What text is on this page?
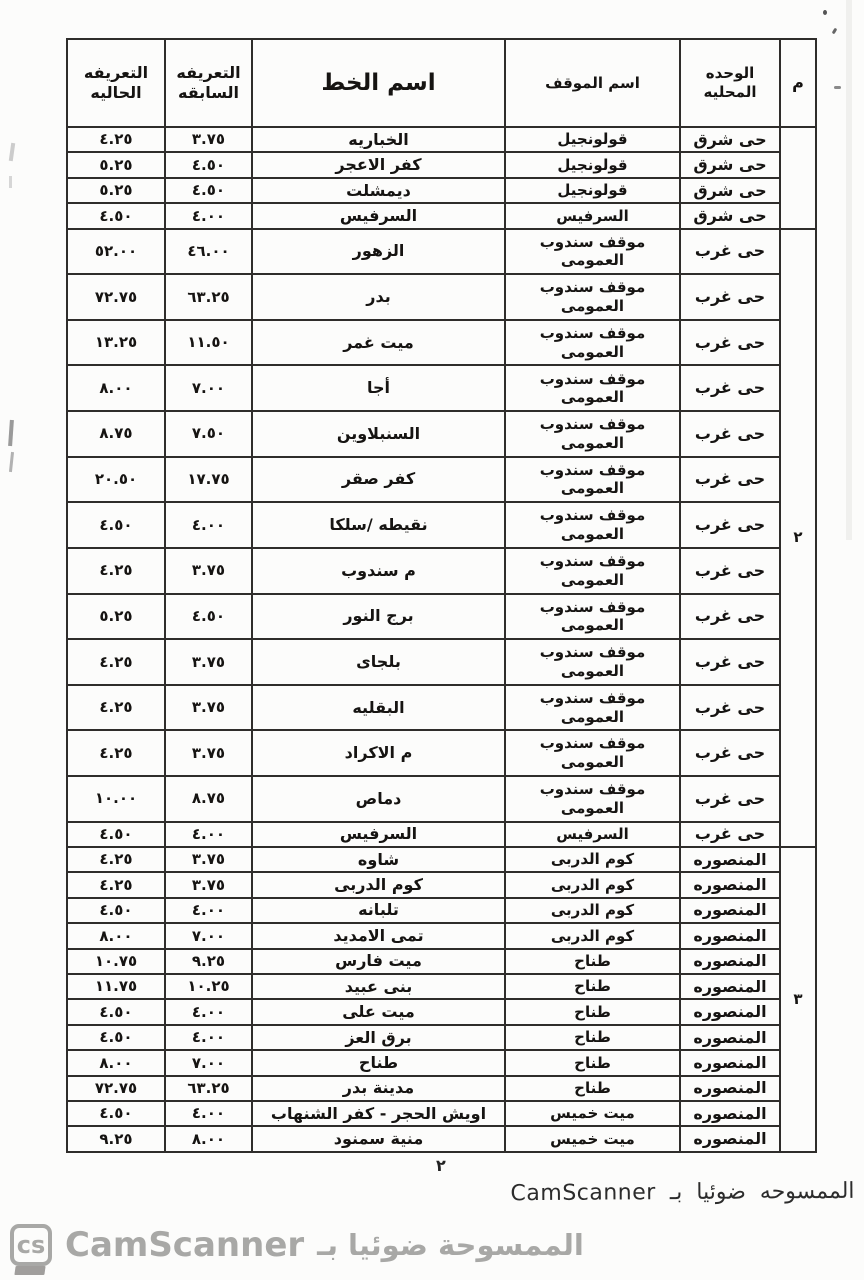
م	الوحده المحليه	اسم الموقف	اسم الخط	التعريفه السابقه	التعريفه الحاليه
	حى شرق	قولونجيل	الخباريه	٣.٧٥	٤.٢٥
	حى شرق	قولونجيل	كفر الاعجر	٤.٥٠	٥.٢٥
	حى شرق	قولونجيل	ديمشلت	٤.٥٠	٥.٢٥
	حى شرق	السرفيس	السرفيس	٤.٠٠	٤.٥٠
٢	حى غرب	موقف سندوب العمومى	الزهور	٤٦.٠٠	٥٢.٠٠
	حى غرب	موقف سندوب العمومى	بدر	٦٣.٢٥	٧٢.٧٥
	حى غرب	موقف سندوب العمومى	ميت غمر	١١.٥٠	١٣.٢٥
	حى غرب	موقف سندوب العمومى	أجا	٧.٠٠	٨.٠٠
	حى غرب	موقف سندوب العمومى	السنبلاوين	٧.٥٠	٨.٧٥
	حى غرب	موقف سندوب العمومى	كفر صقر	١٧.٧٥	٢٠.٥٠
	حى غرب	موقف سندوب العمومى	نقيطه /سلكا	٤.٠٠	٤.٥٠
	حى غرب	موقف سندوب العمومى	م سندوب	٣.٧٥	٤.٢٥
	حى غرب	موقف سندوب العمومى	برج النور	٤.٥٠	٥.٢٥
	حى غرب	موقف سندوب العمومى	بلجاى	٣.٧٥	٤.٢٥
	حى غرب	موقف سندوب العمومى	البقليه	٣.٧٥	٤.٢٥
	حى غرب	موقف سندوب العمومى	م الاكراد	٣.٧٥	٤.٢٥
	حى غرب	موقف سندوب العمومى	دماص	٨.٧٥	١٠.٠٠
	حى غرب	السرفيس	السرفيس	٤.٠٠	٤.٥٠
٣	المنصوره	كوم الدربى	شاوه	٣.٧٥	٤.٢٥
	المنصوره	كوم الدربى	كوم الدربى	٣.٧٥	٤.٢٥
	المنصوره	كوم الدربى	تلبانه	٤.٠٠	٤.٥٠
	المنصوره	كوم الدربى	تمى الامديد	٧.٠٠	٨.٠٠
	المنصوره	طناح	ميت فارس	٩.٢٥	١٠.٧٥
	المنصوره	طناح	بنى عبيد	١٠.٢٥	١١.٧٥
	المنصوره	طناح	ميت على	٤.٠٠	٤.٥٠
	المنصوره	طناح	برق العز	٤.٠٠	٤.٥٠
	المنصوره	طناح	طناح	٧.٠٠	٨.٠٠
	المنصوره	طناح	مدينة بدر	٦٣.٢٥	٧٢.٧٥
	المنصوره	ميت خميس	اويش الحجر - كفر الشنهاب	٤.٠٠	٤.٥٠
	المنصوره	ميت خميس	منية سمنود	٨.٠٠	٩.٢٥
٢
الممسوحه ضوئيا بـ CamScanner
cs CamScanner الممسوحة ضوئيا بـ
